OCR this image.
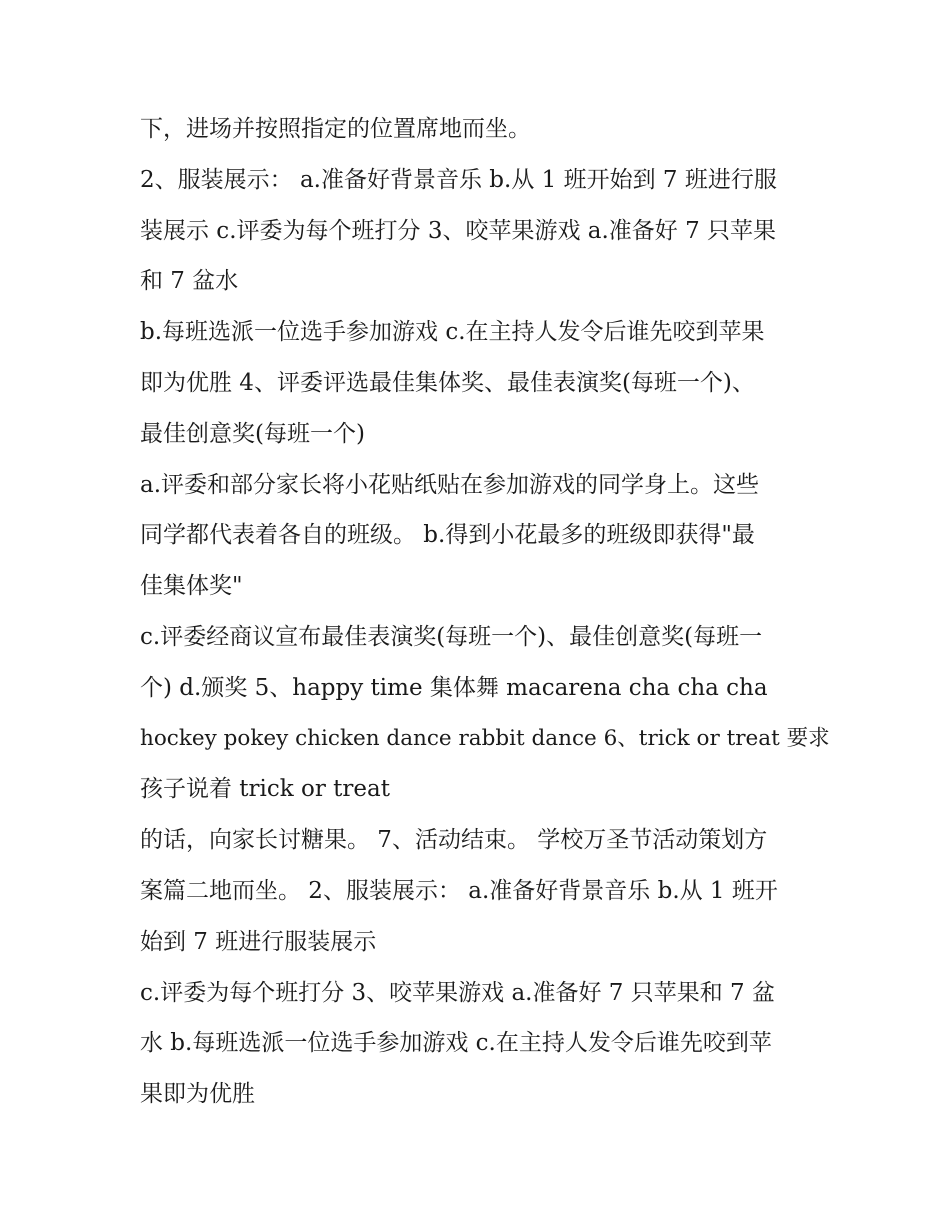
下，进场并按照指定的位置席地而坐。
2、服装展示： a.准备好背景音乐 b.从 1 班开始到 7 班进行服
装展示 c.评委为每个班打分 3、咬苹果游戏 a.准备好 7 只苹果
和 7 盆水
b.每班选派一位选手参加游戏 c.在主持人发令后谁先咬到苹果
即为优胜 4、评委评选最佳集体奖、最佳表演奖(每班一个)、
最佳创意奖(每班一个)
a.评委和部分家长将小花贴纸贴在参加游戏的同学身上。这些
同学都代表着各自的班级。 b.得到小花最多的班级即获得"最
佳集体奖"
c.评委经商议宣布最佳表演奖(每班一个)、最佳创意奖(每班一
个) d.颁奖 5、happy time 集体舞 macarena cha cha cha
hockey pokey chicken dance rabbit dance 6、trick or treat 要求
孩子说着 trick or treat
的话，向家长讨糖果。 7、活动结束。 学校万圣节活动策划方
案篇二地而坐。 2、服装展示： a.准备好背景音乐 b.从 1 班开
始到 7 班进行服装展示
c.评委为每个班打分 3、咬苹果游戏 a.准备好 7 只苹果和 7 盆
水 b.每班选派一位选手参加游戏 c.在主持人发令后谁先咬到苹
果即为优胜
